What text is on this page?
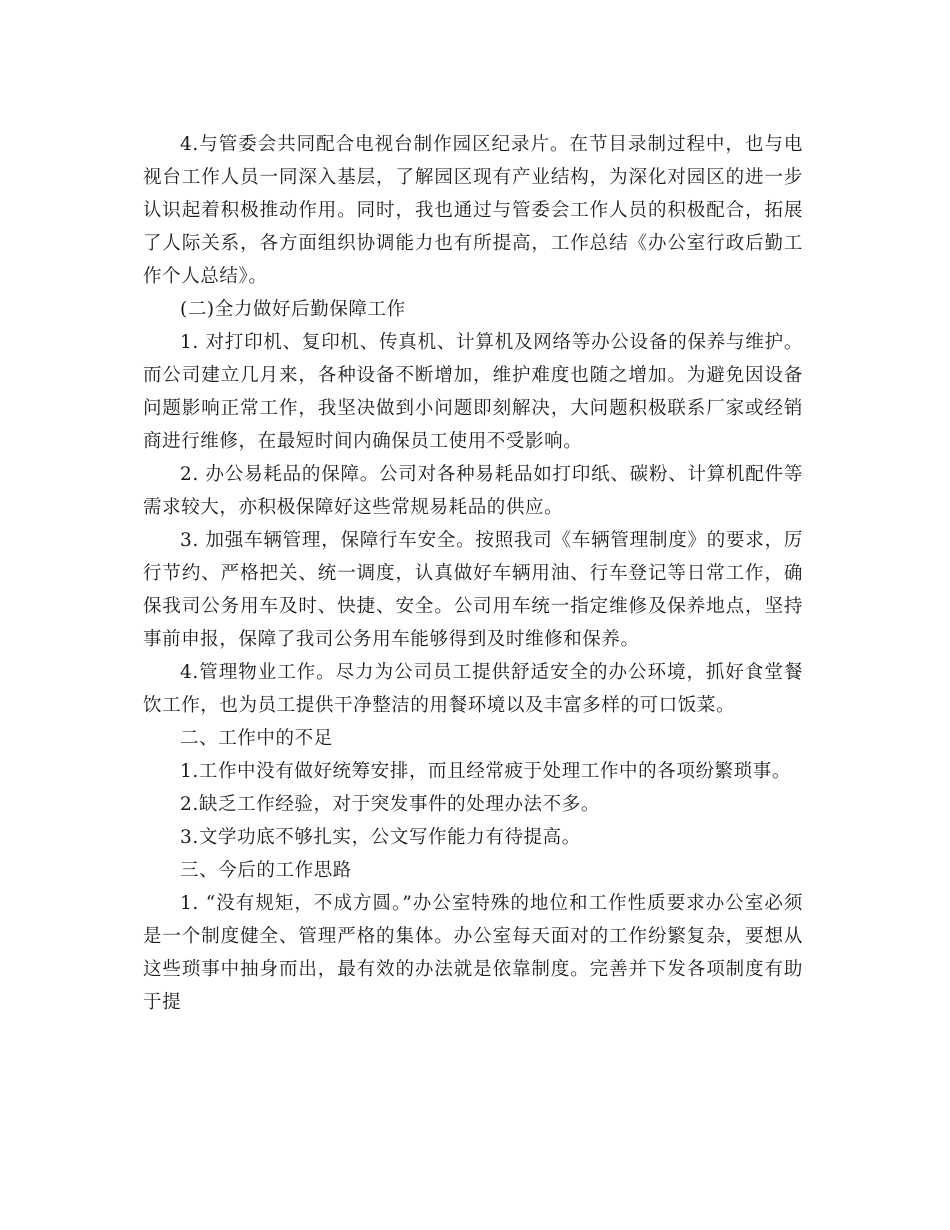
4.与管委会共同配合电视台制作园区纪录片。在节目录制过程中，也与电视台工作人员一同深入基层，了解园区现有产业结构，为深化对园区的进一步认识起着积极推动作用。同时，我也通过与管委会工作人员的积极配合，拓展了人际关系，各方面组织协调能力也有所提高，工作总结《办公室行政后勤工作个人总结》。

(二)全力做好后勤保障工作

1. 对打印机、复印机、传真机、计算机及网络等办公设备的保养与维护。而公司建立几月来，各种设备不断增加，维护难度也随之增加。为避免因设备问题影响正常工作，我坚决做到小问题即刻解决，大问题积极联系厂家或经销商进行维修，在最短时间内确保员工使用不受影响。

2. 办公易耗品的保障。公司对各种易耗品如打印纸、碳粉、计算机配件等需求较大，亦积极保障好这些常规易耗品的供应。

3. 加强车辆管理，保障行车安全。按照我司《车辆管理制度》的要求，厉行节约、严格把关、统一调度，认真做好车辆用油、行车登记等日常工作，确保我司公务用车及时、快捷、安全。公司用车统一指定维修及保养地点，坚持事前申报，保障了我司公务用车能够得到及时维修和保养。

4.管理物业工作。尽力为公司员工提供舒适安全的办公环境，抓好食堂餐饮工作，也为员工提供干净整洁的用餐环境以及丰富多样的可口饭菜。

二、工作中的不足

1.工作中没有做好统筹安排，而且经常疲于处理工作中的各项纷繁琐事。

2.缺乏工作经验，对于突发事件的处理办法不多。

3.文学功底不够扎实，公文写作能力有待提高。

三、今后的工作思路

1. “没有规矩，不成方圆。”办公室特殊的地位和工作性质要求办公室必须是一个制度健全、管理严格的集体。办公室每天面对的工作纷繁复杂，要想从这些琐事中抽身而出，最有效的办法就是依靠制度。完善并下发各项制度有助于提
